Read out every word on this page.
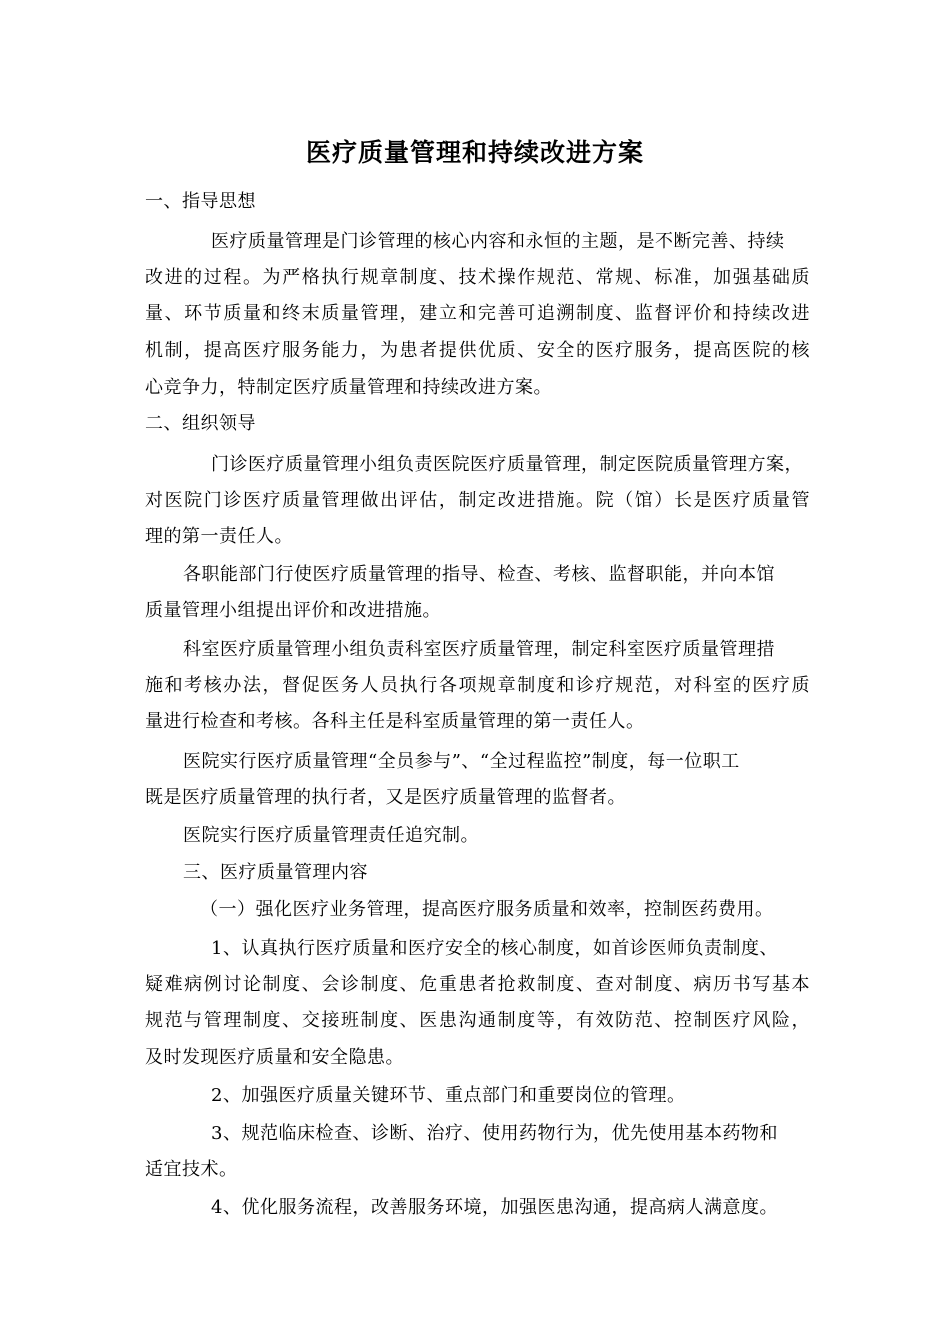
医疗质量管理和持续改进方案
一、指导思想
医疗质量管理是门诊管理的核心内容和永恒的主题，是不断完善、持续
改进的过程。为严格执行规章制度、技术操作规范、常规、标准，加强基础质
量、环节质量和终末质量管理，建立和完善可追溯制度、监督评价和持续改进
机制，提高医疗服务能力，为患者提供优质、安全的医疗服务，提高医院的核
心竞争力，特制定医疗质量管理和持续改进方案。
二、组织领导
门诊医疗质量管理小组负责医院医疗质量管理，制定医院质量管理方案，
对医院门诊医疗质量管理做出评估，制定改进措施。院（馆）长是医疗质量管
理的第一责任人。
各职能部门行使医疗质量管理的指导、检查、考核、监督职能，并向本馆
质量管理小组提出评价和改进措施。
科室医疗质量管理小组负责科室医疗质量管理，制定科室医疗质量管理措
施和考核办法，督促医务人员执行各项规章制度和诊疗规范，对科室的医疗质
量进行检查和考核。各科主任是科室质量管理的第一责任人。
医院实行医疗质量管理“全员参与”、“全过程监控”制度，每一位职工
既是医疗质量管理的执行者，又是医疗质量管理的监督者。
医院实行医疗质量管理责任追究制。
三、医疗质量管理内容
（一）强化医疗业务管理，提高医疗服务质量和效率，控制医药费用。
1、认真执行医疗质量和医疗安全的核心制度，如首诊医师负责制度、
疑难病例讨论制度、会诊制度、危重患者抢救制度、查对制度、病历书写基本
规范与管理制度、交接班制度、医患沟通制度等，有效防范、控制医疗风险，
及时发现医疗质量和安全隐患。
2、加强医疗质量关键环节、重点部门和重要岗位的管理。
3、规范临床检查、诊断、治疗、使用药物行为，优先使用基本药物和
适宜技术。
4、优化服务流程，改善服务环境，加强医患沟通，提高病人满意度。
